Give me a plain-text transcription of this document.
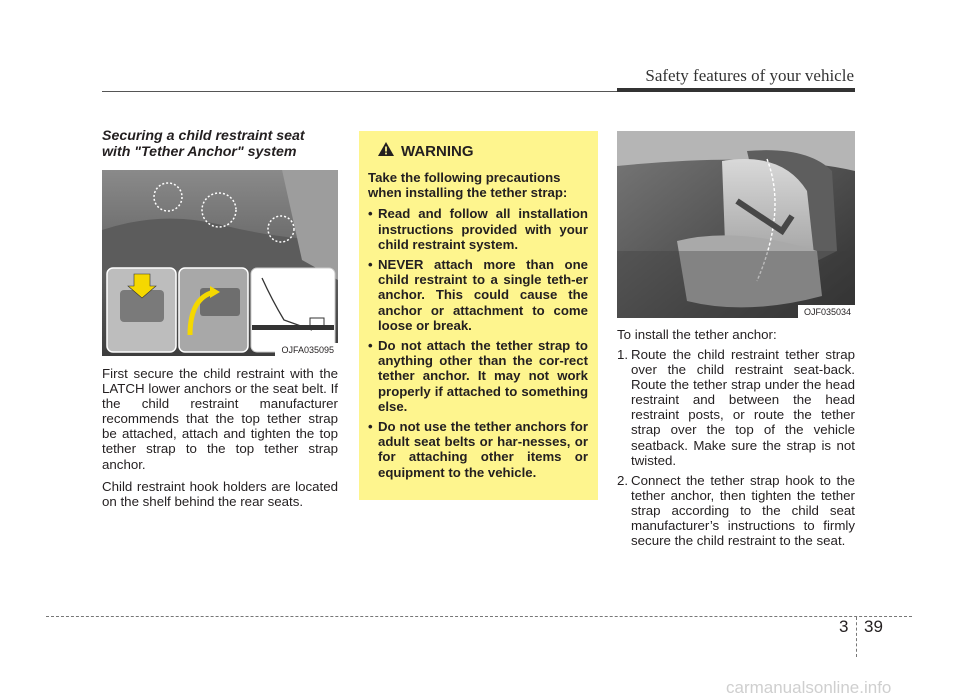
Safety features of your vehicle

Securing a child restraint seat
with "Tether Anchor" system

OJFA035095

First secure the child restraint with the LATCH lower anchors or the seat belt. If the child restraint manufacturer recommends that the top tether strap be attached, attach and tighten the top tether strap to the top tether strap anchor.

Child restraint hook holders are located on the shelf behind the rear seats.

WARNING

Take the following precautions when installing the tether strap:

• Read and follow all installation instructions provided with your child restraint system.
• NEVER attach more than one child restraint to a single teth-er anchor. This could cause the anchor or attachment to come loose or break.
• Do not attach the tether strap to anything other than the cor-rect tether anchor. It may not work properly if attached to something else.
• Do not use the tether anchors for adult seat belts or har-nesses, or for attaching other items or equipment to the vehicle.
OJF035034

To install the tether anchor:

1. Route the child restraint tether strap over the child restraint seat-back. Route the tether strap under the head restraint and between the head restraint posts, or route the tether strap over the top of the vehicle seatback. Make sure the strap is not twisted.
2. Connect the tether strap hook to the tether anchor, then tighten the tether strap according to the child seat manufacturer’s instructions to firmly secure the child restraint to the seat.
3 39
carmanualsonline.info
